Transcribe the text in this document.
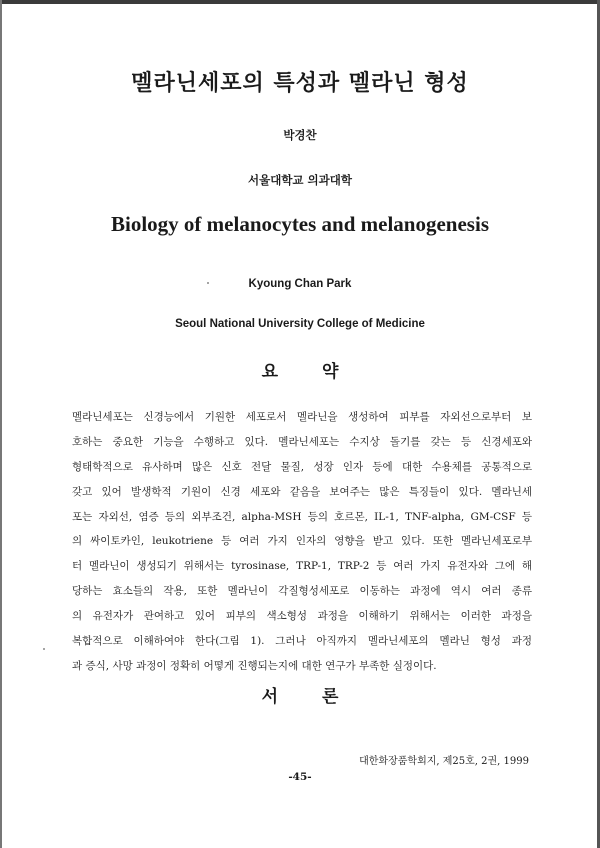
멜라닌세포의 특성과 멜라닌 형성
박경찬
서울대학교 의과대학
Biology of melanocytes and melanogenesis
Kyoung Chan Park
Seoul National University College of Medicine
요 약
멜라닌세포는 신경능에서 기원한 세포로서 멜라닌을 생성하여 피부를 자외선으로부터 보
호하는 중요한 기능을 수행하고 있다. 멜라닌세포는 수지상 돌기를 갖는 등 신경세포와
형태학적으로 유사하며 많은 신호 전달 물질, 성장 인자 등에 대한 수용체를 공통적으로
갖고 있어 발생학적 기원이 신경 세포와 같음을 보여주는 많은 특징들이 있다. 멜라닌세
포는 자외선, 염증 등의 외부조건, alpha-MSH 등의 호르몬, IL-1, TNF-alpha, GM-CSF 등
의 싸이토카인, leukotriene 등 여러 가지 인자의 영향을 받고 있다. 또한 멜라닌세포로부
터 멜라닌이 생성되기 위해서는 tyrosinase, TRP-1, TRP-2 등 여러 가지 유전자와 그에 해
당하는 효소들의 작용, 또한 멜라닌이 각질형성세포로 이동하는 과정에 역시 여러 종류
의 유전자가 관여하고 있어 피부의 색소형성 과정을 이해하기 위해서는 이러한 과정을
복합적으로 이해하여야 한다(그림 1). 그러나 아직까지 멜라닌세포의 멜라닌 형성 과정
과 증식, 사망 과정이 정확히 어떻게 진행되는지에 대한 연구가 부족한 실정이다.
서 론
대한화장품학회지, 제25호, 2권, 1999
-45-
